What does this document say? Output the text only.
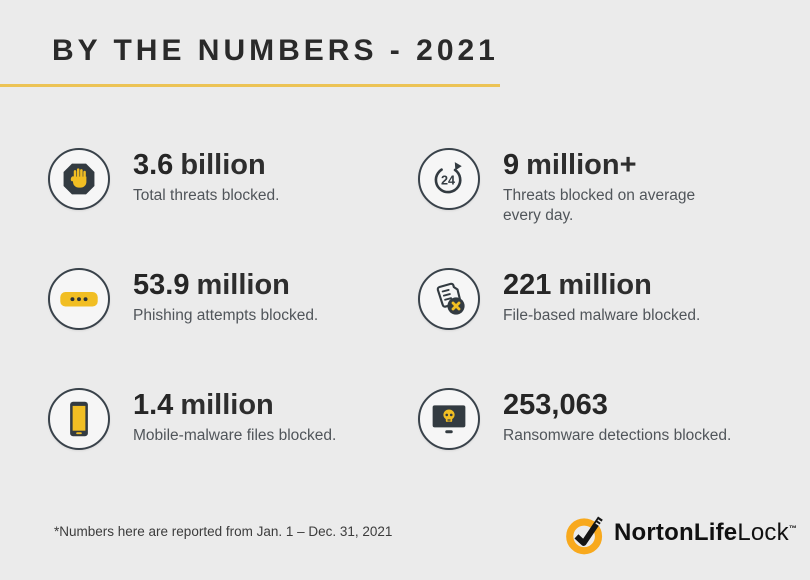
BY THE NUMBERS - 2021
3.6 billion
Total threats blocked.
24 9 million+
Threats blocked on average every day.
53.9 million
Phishing attempts blocked.
221 million
File-based malware blocked.
1.4 million
Mobile-malware files blocked.
253,063
Ransomware detections blocked.
*Numbers here are reported from Jan. 1 – Dec. 31, 2021	NortonLifeLock™
